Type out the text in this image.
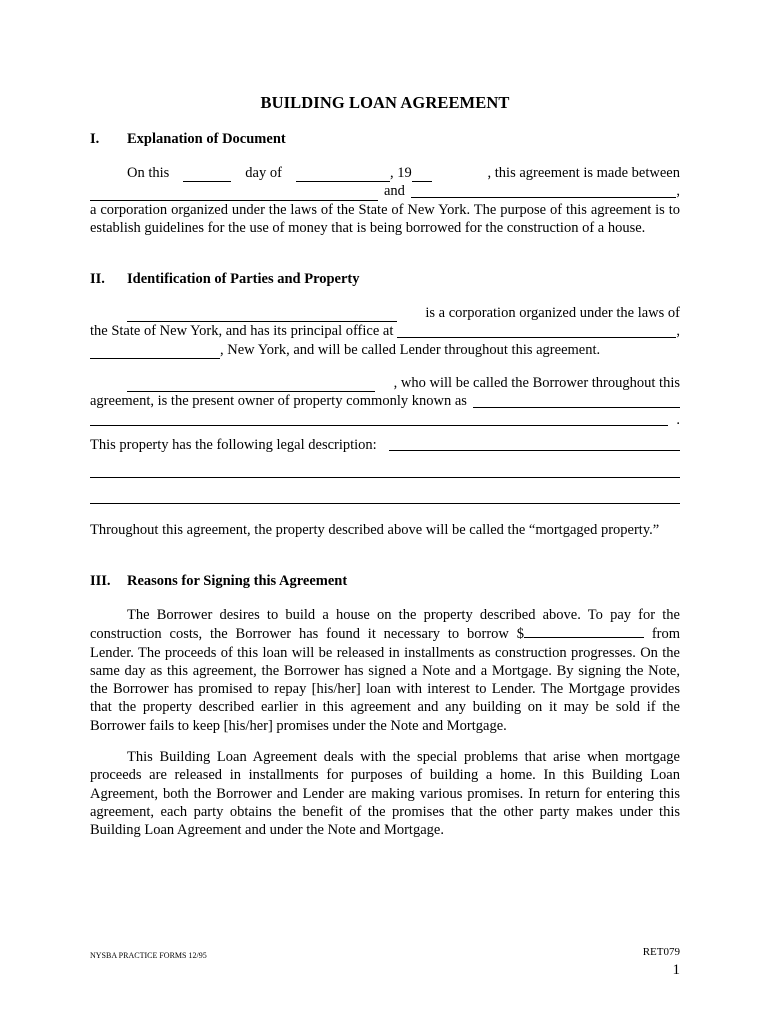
BUILDING LOAN AGREEMENT
I. Explanation of Document
On this	day of	, 19	, this agreement is made between
and	,

a corporation organized under the laws of the State of New York. The purpose of this agreement is to establish guidelines for the use of money that is being borrowed for the construction of a house.

II. Identification of Parties and Property
is a corporation organized under the laws of
the State of New York, and has its principal office at	,
, New York, and will be called Lender throughout this agreement.
, who will be called the Borrower throughout this
agreement, is the present owner of property commonly known as
.
This property has the following legal description:

Throughout this agreement, the property described above will be called the “mortgaged property.”

III. Reasons for Signing this Agreement

The Borrower desires to build a house on the property described above. To pay for the construction costs, the Borrower has found it necessary to borrow $	from Lender. The proceeds of this loan will be released in installments as construction progresses. On the same day as this agreement, the Borrower has signed a Note and a Mortgage. By signing the Note, the Borrower has promised to repay [his/her] loan with interest to Lender. The Mortgage provides that the property described earlier in this agreement and any building on it may be sold if the Borrower fails to keep [his/her] promises under the Note and Mortgage.

This Building Loan Agreement deals with the special problems that arise when mortgage proceeds are released in installments for purposes of building a home. In this Building Loan Agreement, both the Borrower and Lender are making various promises. In return for entering this agreement, each party obtains the benefit of the promises that the other party makes under this Building Loan Agreement and under the Note and Mortgage.

NYSBA PRACTICE FORMS 12/95	RET079
1
